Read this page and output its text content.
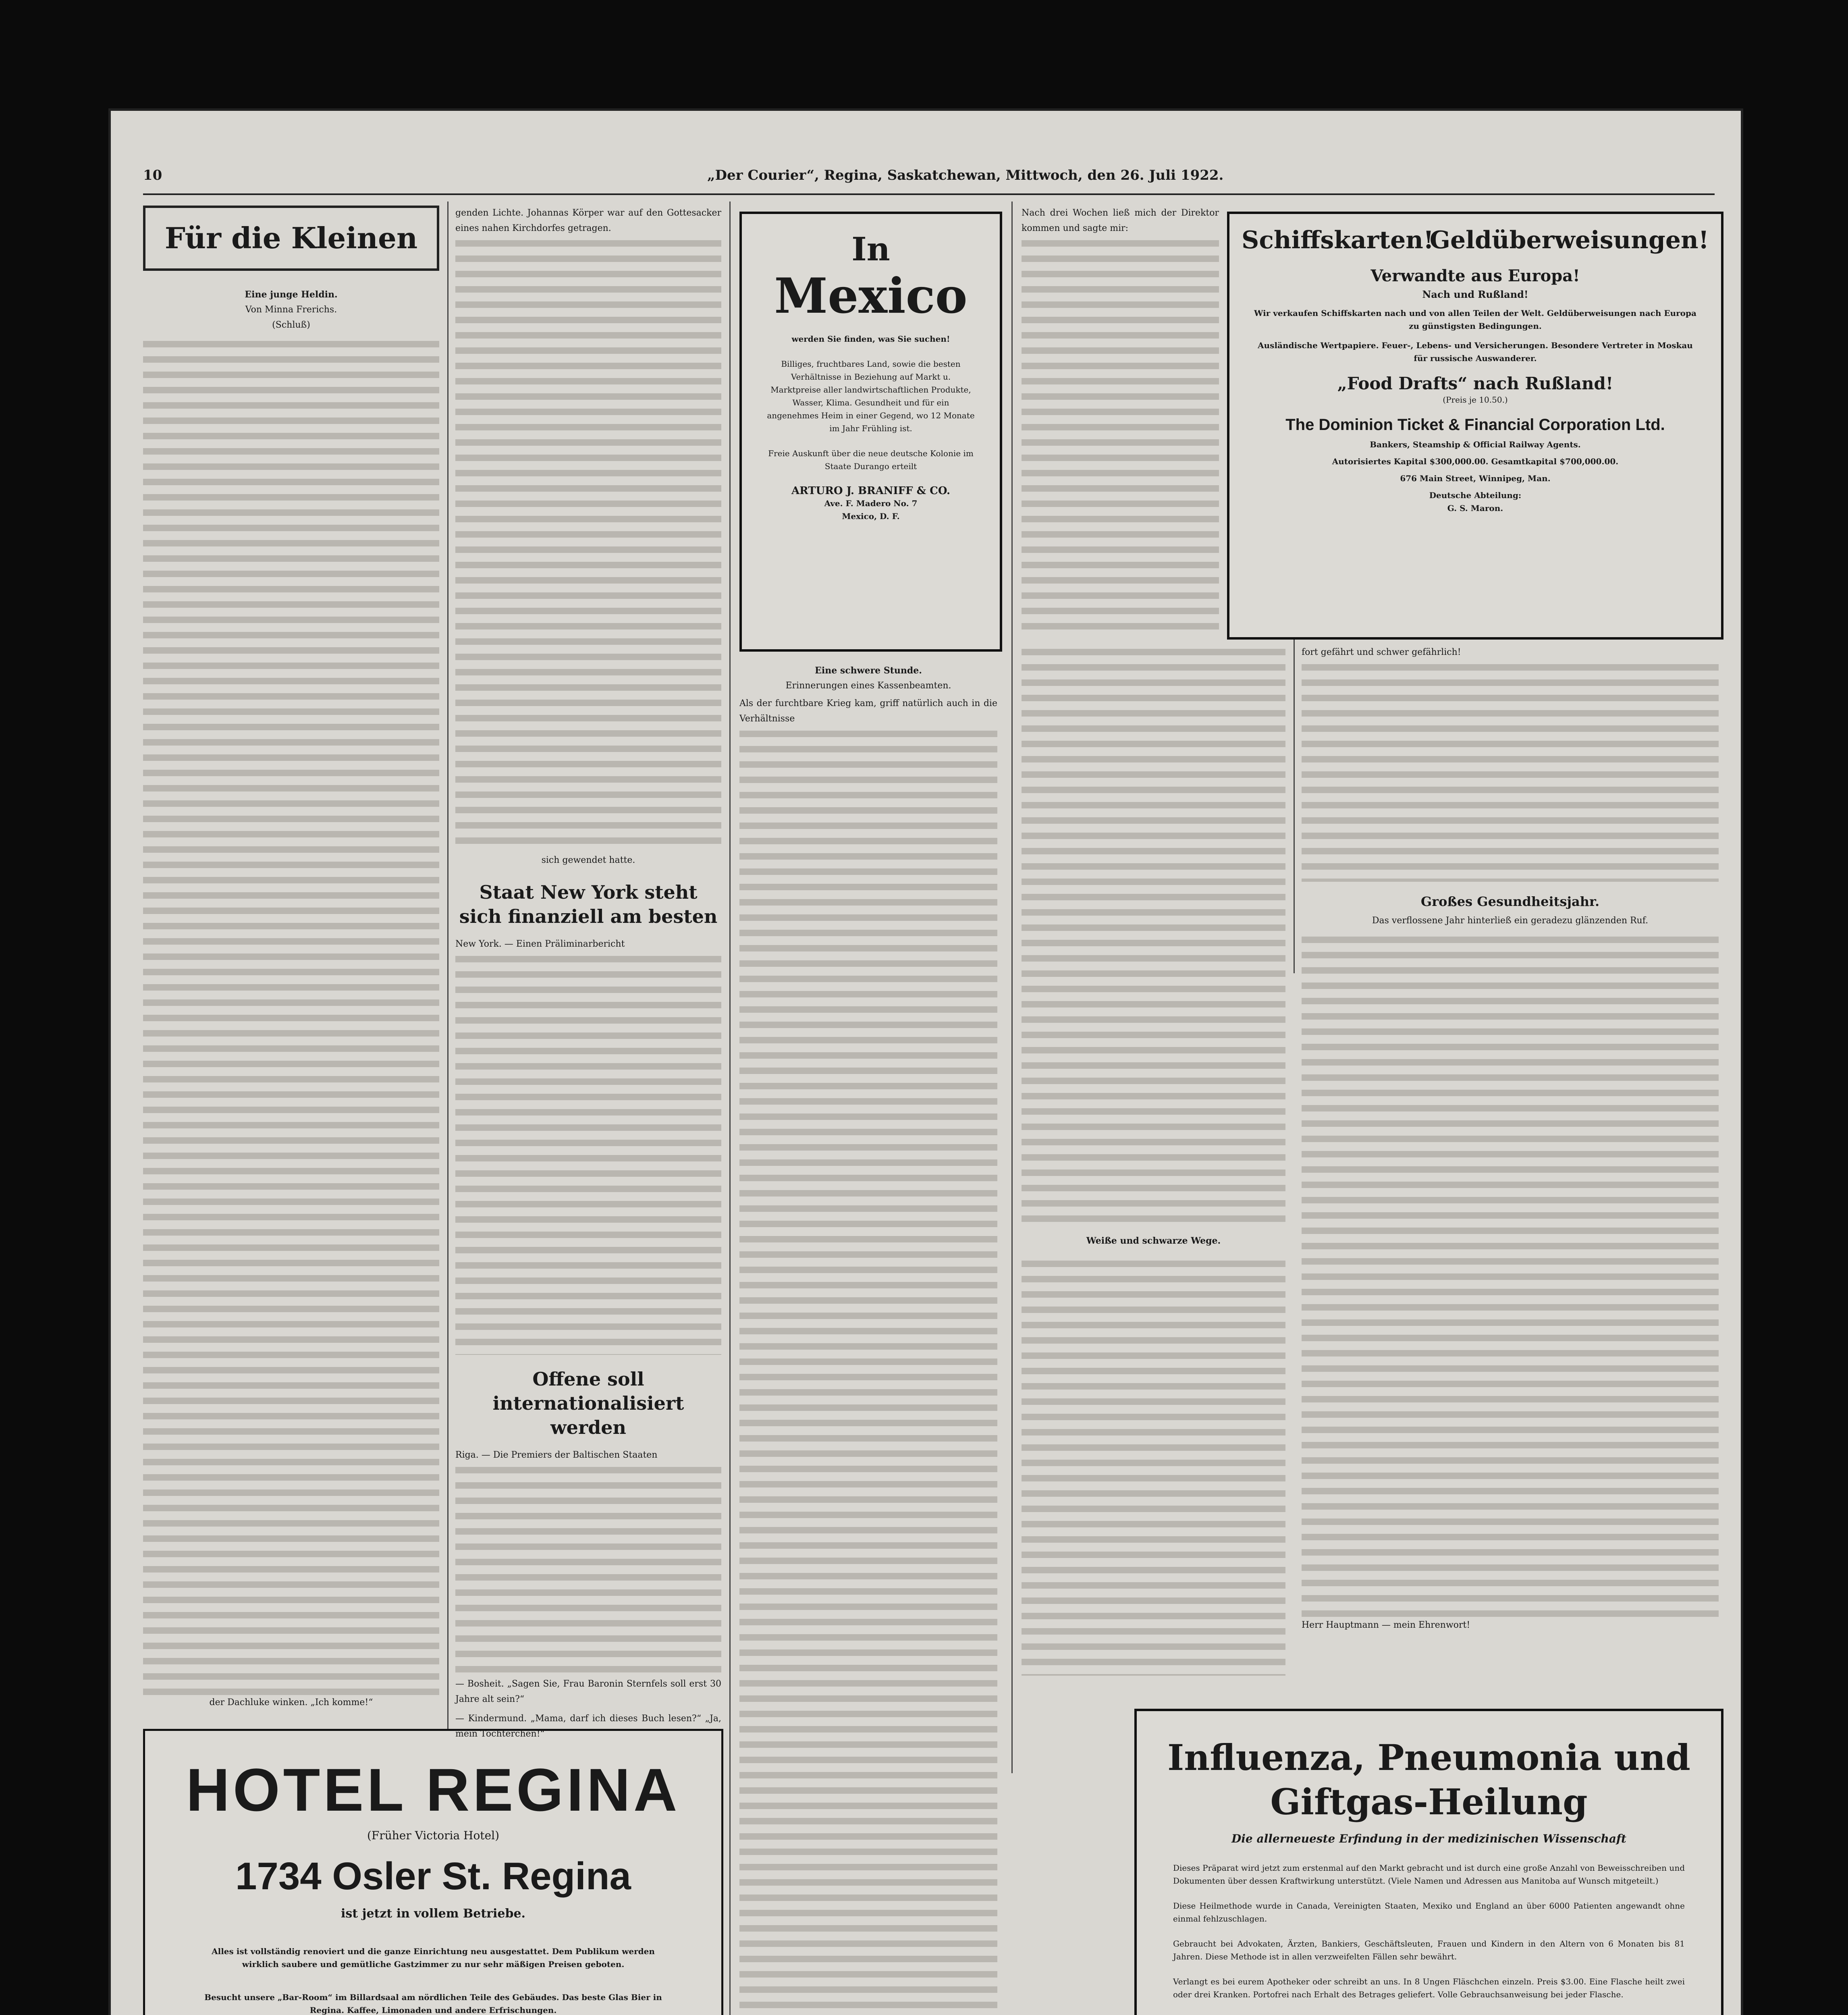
10	„Der Courier“, Regina, Saskatchewan, Mittwoch, den 26. Juli 1922.
Für die Kleinen
Eine junge Heldin.
Von Minna Frerichs.
(Schluß)
der Dachluke winken. „Ich komme!“
HOTEL REGINA
(Früher Victoria Hotel)
1734 Osler St. Regina
ist jetzt in vollem Betriebe.
Alles ist vollständig renoviert und die ganze Einrichtung neu ausgestattet. Dem Publikum werden wirklich saubere und gemütliche Gastzimmer zu nur sehr mäßigen Preisen geboten.
Besucht unsere „Bar-Room“ im Billardsaal am nördlichen Teile des Gebäudes. Das beste Glas Bier in Regina. Kaffee, Limonaden und andere Erfrischungen.
genden Lichte. Johannas Körper war auf den Gottesacker eines nahen Kirchdorfes getragen.
sich gewendet hatte.
Staat New York steht sich finanziell am besten
New York. — Einen Präliminarbericht
Offene soll internationalisiert werden
Riga. — Die Premiers der Baltischen Staaten
— Bosheit. „Sagen Sie, Frau Baronin Sternfels soll erst 30 Jahre alt sein?“
— Kindermund. „Mama, darf ich dieses Buch lesen?“ „Ja, mein Töchterchen!“
In
Mexico
werden Sie finden, was Sie suchen!
Billiges, fruchtbares Land, sowie die besten Verhältnisse in Beziehung auf Markt u. Marktpreise aller landwirtschaftlichen Produkte, Wasser, Klima. Gesundheit und für ein angenehmes Heim in einer Gegend, wo 12 Monate im Jahr Frühling ist.
Freie Auskunft über die neue deutsche Kolonie im Staate Durango erteilt
ARTURO J. BRANIFF & CO.
Ave. F. Madero No. 7
Mexico, D. F.
Eine schwere Stunde.
Erinnerungen eines Kassenbeamten.
Als der furchtbare Krieg kam, griff natürlich auch in die Verhältnisse
Schiffskarten!
Geldüberweisungen!
Verwandte aus Europa!
Nach und Rußland!
Wir verkaufen Schiffskarten nach und von allen Teilen der Welt. Geldüberweisungen nach Europa zu günstigsten Bedingungen.
Ausländische Wertpapiere. Feuer-, Lebens- und Versicherungen. Besondere Vertreter in Moskau für russische Auswanderer.
„Food Drafts“ nach Rußland!
(Preis je 10.50.)
The Dominion Ticket & Financial Corporation Ltd.
Bankers, Steamship & Official Railway Agents.
Autorisiertes Kapital $300,000.00. Gesamtkapital $700,000.00.
676 Main Street, Winnipeg, Man.
Deutsche Abteilung:
G. S. Maron.
Nach drei Wochen ließ mich der Direktor kommen und sagte mir:
Weiße und schwarze Wege.
fort gefährt und schwer gefährlich!
Großes Gesundheitsjahr.
Das verflossene Jahr hinterließ ein geradezu glänzenden Ruf.
Herr Hauptmann — mein Ehrenwort!
Influenza, Pneumonia und
Giftgas-Heilung
Die allerneueste Erfindung in der medizinischen Wissenschaft
Dieses Präparat wird jetzt zum erstenmal auf den Markt gebracht und ist durch eine große Anzahl von Beweisschreiben und Dokumenten über dessen Kraftwirkung unterstützt. (Viele Namen und Adressen aus Manitoba auf Wunsch mitgeteilt.)
Diese Heilmethode wurde in Canada, Vereinigten Staaten, Mexiko und England an über 6000 Patienten angewandt ohne einmal fehlzuschlagen.
Gebraucht bei Advokaten, Ärzten, Bankiers, Geschäftsleuten, Frauen und Kindern in den Altern von 6 Monaten bis 81 Jahren. Diese Methode ist in allen verzweifelten Fällen sehr bewährt.
Verlangt es bei eurem Apotheker oder schreibt an uns. In 8 Ungen Fläschchen einzeln. Preis $3.00. Eine Flasche heilt zwei oder drei Kranken. Portofrei nach Erhalt des Betrages geliefert. Volle Gebrauchsanweisung bei jeder Flasche.
